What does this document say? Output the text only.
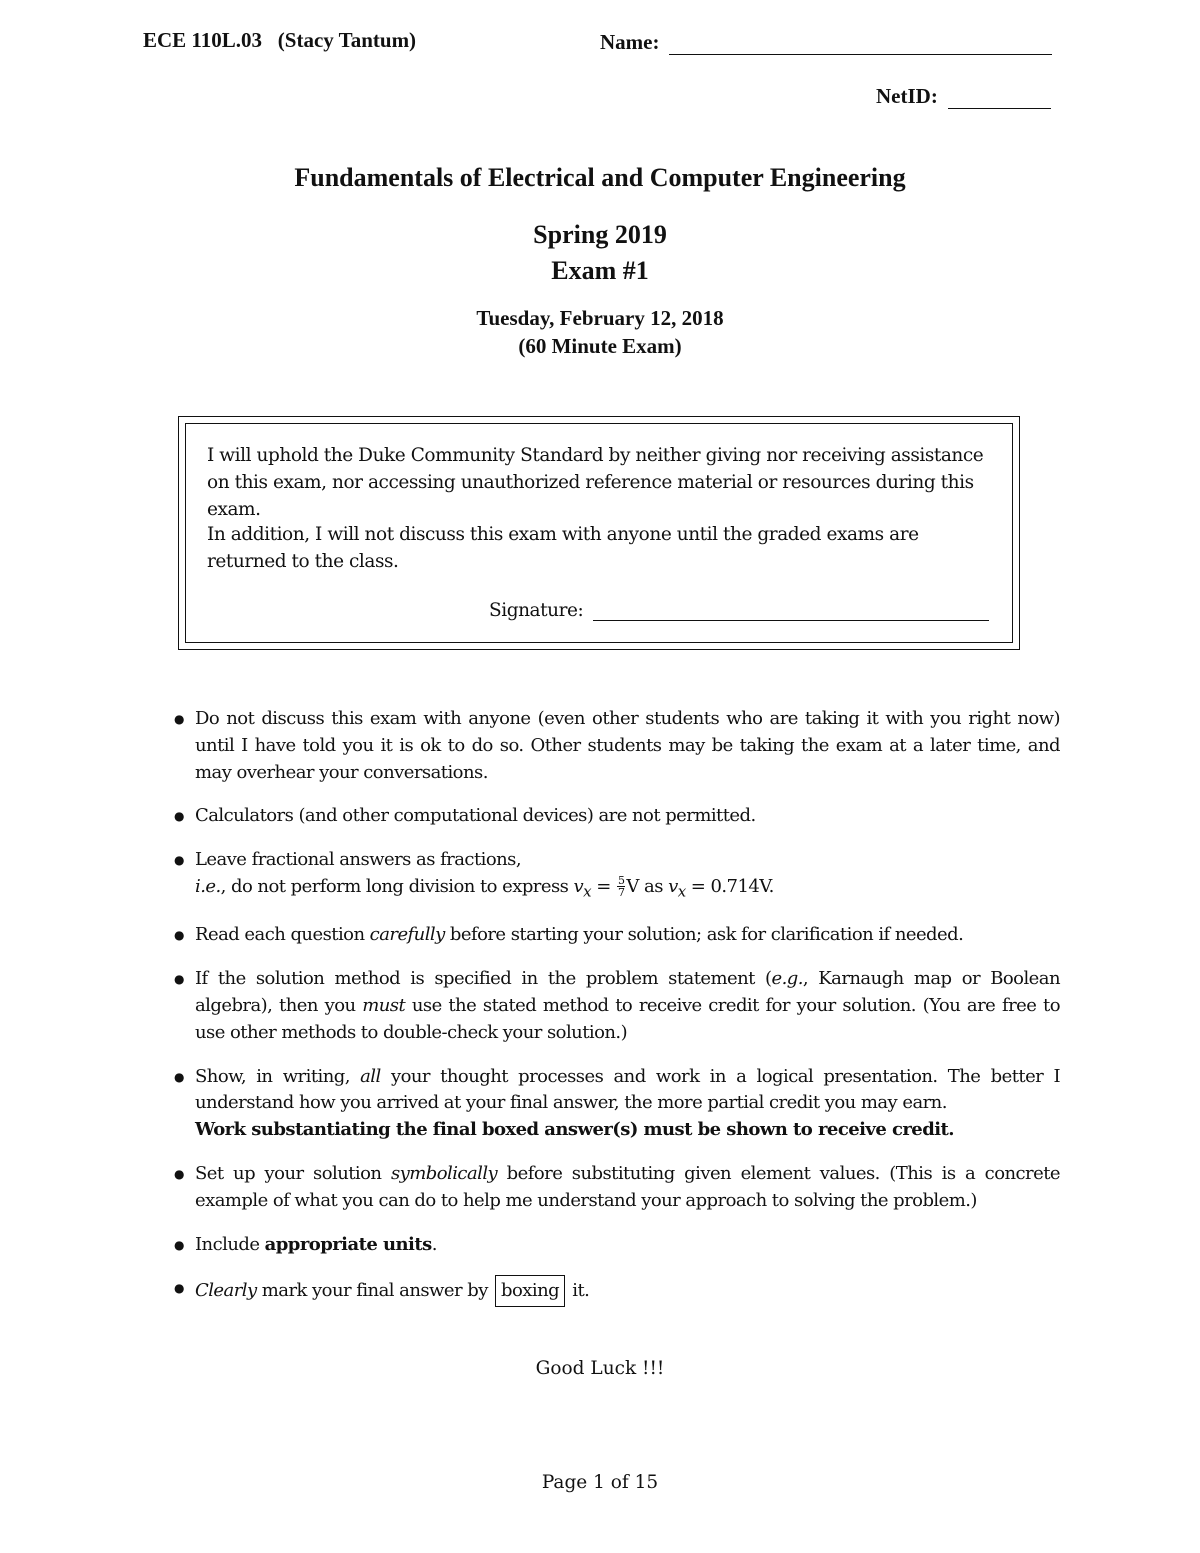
ECE 110L.03   (Stacy Tantum)	Name:
NetID:
Fundamentals of Electrical and Computer Engineering
Spring 2019
Exam #1
Tuesday, February 12, 2018
(60 Minute Exam)
I will uphold the Duke Community Standard by neither giving nor receiving assistance on this exam, nor accessing unauthorized reference material or resources during this exam.
In addition, I will not discuss this exam with anyone until the graded exams are returned to the class.
Signature:
● Do not discuss this exam with anyone (even other students who are taking it with you right now) until I have told you it is ok to do so. Other students may be taking the exam at a later time, and may overhear your conversations.
● Calculators (and other computational devices) are not permitted.
● Leave fractional answers as fractions,
i.e., do not perform long division to express $v_x = \frac{5}{7}$ V as $v_x = 0.714V$.
● Read each question carefully before starting your solution; ask for clarification if needed.
● If the solution method is specified in the problem statement (e.g., Karnaugh map or Boolean algebra), then you must use the stated method to receive credit for your solution. (You are free to use other methods to double-check your solution.)
● Show, in writing, all your thought processes and work in a logical presentation. The better I understand how you arrived at your final answer, the more partial credit you may earn.
Work substantiating the final boxed answer(s) must be shown to receive credit.
● Set up your solution symbolically before substituting given element values. (This is a concrete example of what you can do to help me understand your approach to solving the problem.)
● Include appropriate units.
● Clearly mark your final answer by boxing it.
Good Luck !!!
Page 1 of 15
